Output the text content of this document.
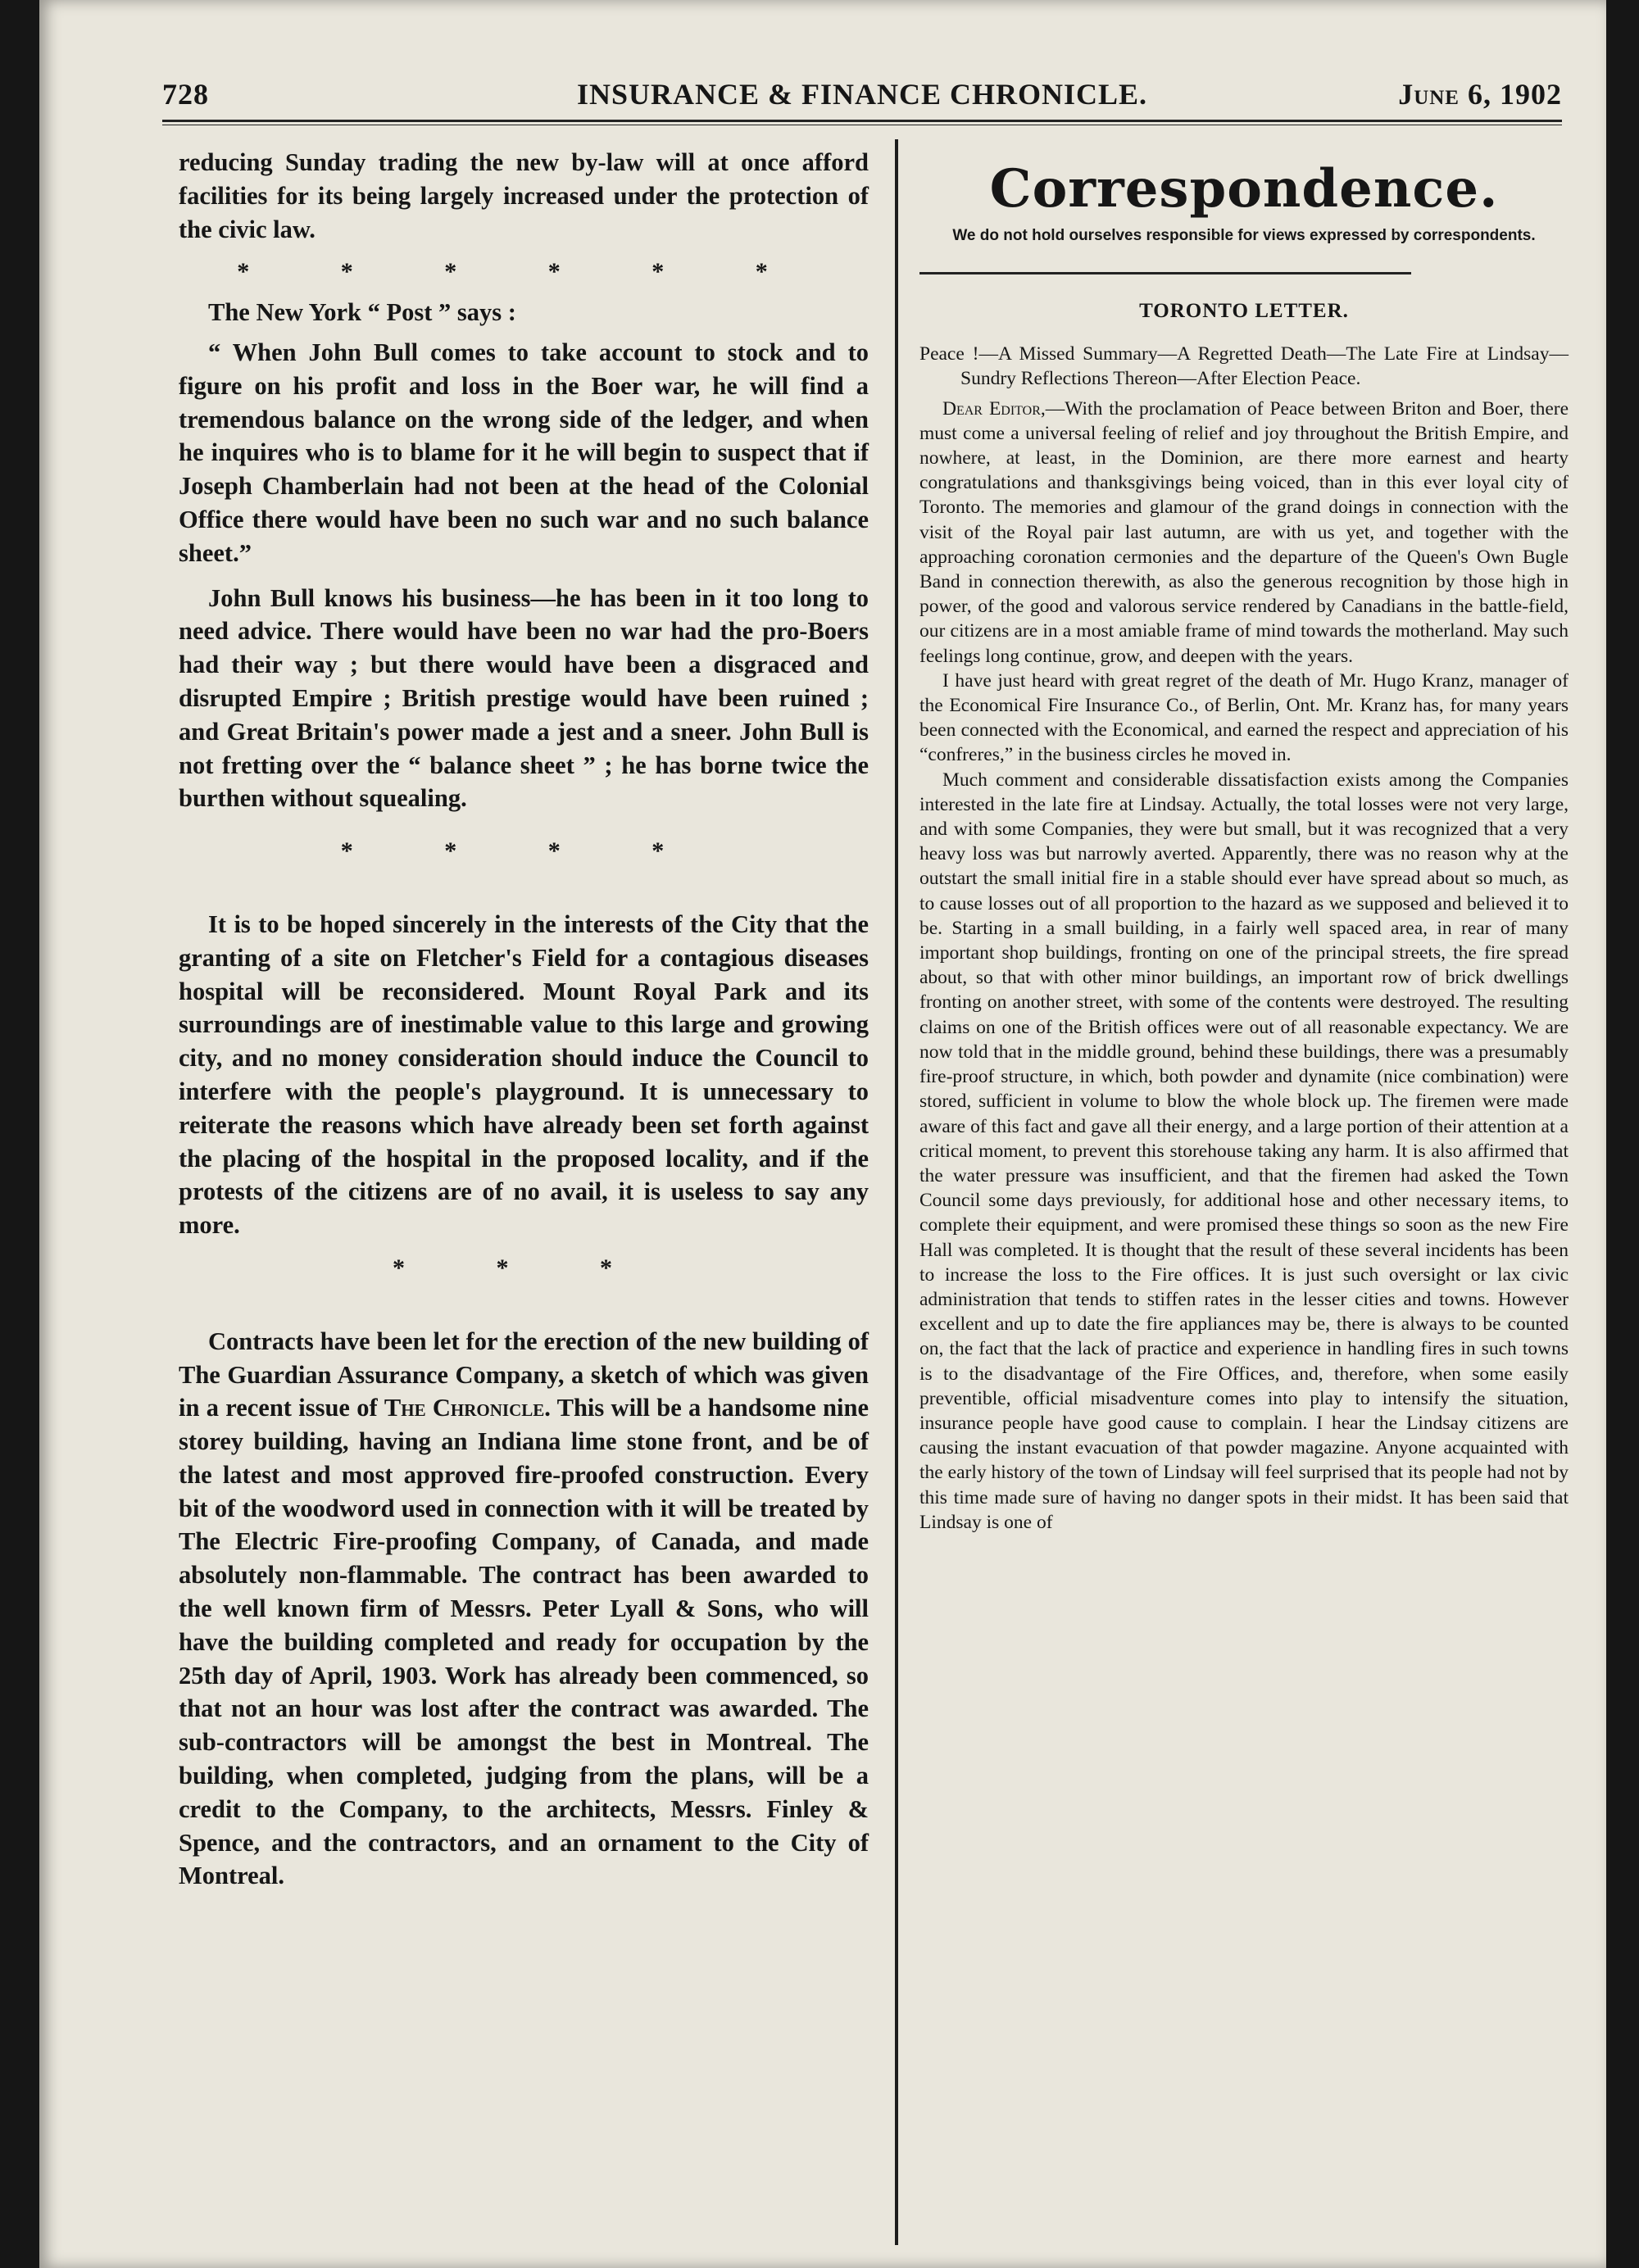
728	INSURANCE & FINANCE CHRONICLE.	June 6, 1902

reducing Sunday trading the new by-law will at once afford facilities for its being largely increased under the protection of the civic law.

* * * * * *

The New York “ Post ” says :

“ When John Bull comes to take account to stock and to figure on his profit and loss in the Boer war, he will find a tremendous balance on the wrong side of the ledger, and when he inquires who is to blame for it he will begin to suspect that if Joseph Chamberlain had not been at the head of the Colonial Office there would have been no such war and no such balance sheet.”

John Bull knows his business—he has been in it too long to need advice. There would have been no war had the pro-Boers had their way ; but there would have been a disgraced and disrupted Empire ; British prestige would have been ruined ; and Great Britain's power made a jest and a sneer. John Bull is not fretting over the “ balance sheet ” ; he has borne twice the burthen without squealing.

* * * *

It is to be hoped sincerely in the interests of the City that the granting of a site on Fletcher's Field for a contagious diseases hospital will be reconsidered. Mount Royal Park and its surroundings are of inestimable value to this large and growing city, and no money consideration should induce the Council to interfere with the people's playground. It is unnecessary to reiterate the reasons which have already been set forth against the placing of the hospital in the proposed locality, and if the protests of the citizens are of no avail, it is useless to say any more.

* * *

Contracts have been let for the erection of the new building of The Guardian Assurance Company, a sketch of which was given in a recent issue of The Chronicle. This will be a handsome nine storey building, having an Indiana lime stone front, and be of the latest and most approved fire-proofed construction. Every bit of the woodword used in connection with it will be treated by The Electric Fire-proofing Company, of Canada, and made absolutely non-flammable. The contract has been awarded to the well known firm of Messrs. Peter Lyall & Sons, who will have the building completed and ready for occupation by the 25th day of April, 1903. Work has already been commenced, so that not an hour was lost after the contract was awarded. The sub-contractors will be amongst the best in Montreal. The building, when completed, judging from the plans, will be a credit to the Company, to the architects, Messrs. Finley & Spence, and the contractors, and an ornament to the City of Montreal.

Correspondence.
We do not hold ourselves responsible for views expressed by correspondents.
TORONTO LETTER.

Peace !—A Missed Summary—A Regretted Death—The Late Fire at Lindsay—Sundry Reflections Thereon—After Election Peace.

Dear Editor,—With the proclamation of Peace between Briton and Boer, there must come a universal feeling of relief and joy throughout the British Empire, and nowhere, at least, in the Dominion, are there more earnest and hearty congratulations and thanksgivings being voiced, than in this ever loyal city of Toronto. The memories and glamour of the grand doings in connection with the visit of the Royal pair last autumn, are with us yet, and together with the approaching coronation cermonies and the departure of the Queen's Own Bugle Band in connection therewith, as also the generous recognition by those high in power, of the good and valorous service rendered by Canadians in the battle-field, our citizens are in a most amiable frame of mind towards the motherland. May such feelings long continue, grow, and deepen with the years.

I have just heard with great regret of the death of Mr. Hugo Kranz, manager of the Economical Fire Insurance Co., of Berlin, Ont. Mr. Kranz has, for many years been connected with the Economical, and earned the respect and appreciation of his “confreres,” in the business circles he moved in.

Much comment and considerable dissatisfaction exists among the Companies interested in the late fire at Lindsay. Actually, the total losses were not very large, and with some Companies, they were but small, but it was recognized that a very heavy loss was but narrowly averted. Apparently, there was no reason why at the outstart the small initial fire in a stable should ever have spread about so much, as to cause losses out of all proportion to the hazard as we supposed and believed it to be. Starting in a small building, in a fairly well spaced area, in rear of many important shop buildings, fronting on one of the principal streets, the fire spread about, so that with other minor buildings, an important row of brick dwellings fronting on another street, with some of the contents were destroyed. The resulting claims on one of the British offices were out of all reasonable expectancy. We are now told that in the middle ground, behind these buildings, there was a presumably fire-proof structure, in which, both powder and dynamite (nice combination) were stored, sufficient in volume to blow the whole block up. The firemen were made aware of this fact and gave all their energy, and a large portion of their attention at a critical moment, to prevent this storehouse taking any harm. It is also affirmed that the water pressure was insufficient, and that the firemen had asked the Town Council some days previously, for additional hose and other necessary items, to complete their equipment, and were promised these things so soon as the new Fire Hall was completed. It is thought that the result of these several incidents has been to increase the loss to the Fire offices. It is just such oversight or lax civic administration that tends to stiffen rates in the lesser cities and towns. However excellent and up to date the fire appliances may be, there is always to be counted on, the fact that the lack of practice and experience in handling fires in such towns is to the disadvantage of the Fire Offices, and, therefore, when some easily preventible, official misadventure comes into play to intensify the situation, insurance people have good cause to complain. I hear the Lindsay citizens are causing the instant evacuation of that powder magazine. Anyone acquainted with the early history of the town of Lindsay will feel surprised that its people had not by this time made sure of having no danger spots in their midst. It has been said that Lindsay is one of
